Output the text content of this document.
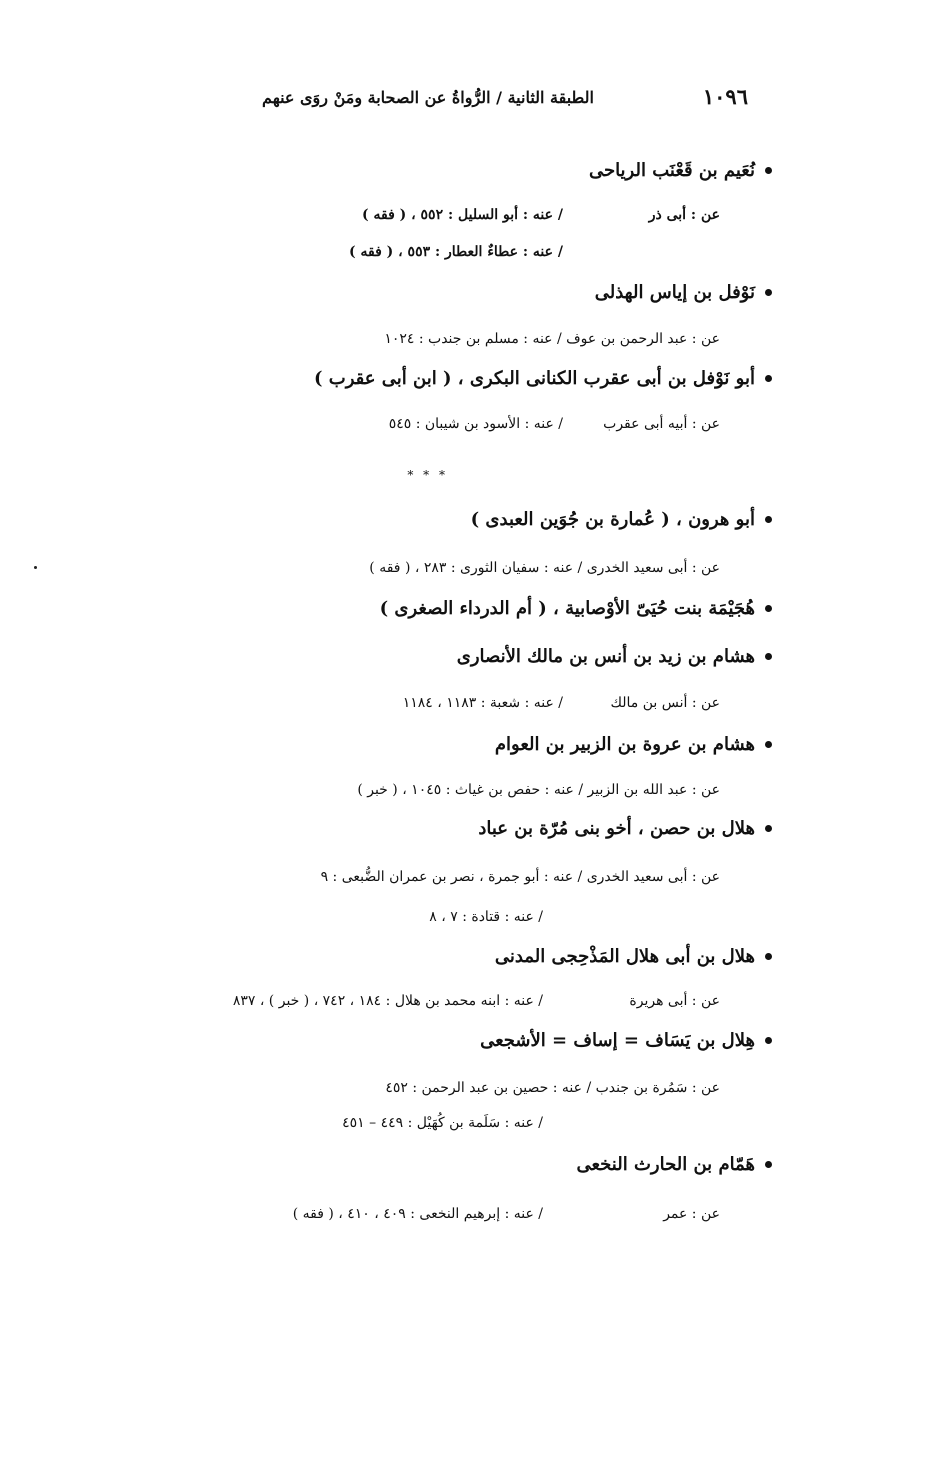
١٠٩٦
الطبقة الثانية / الرُّواةُ عن الصحابة ومَنْ روَى عنهم
نُعَيم بن قَعْنَب الرياحى
عن : أبى ذر
/ عنه : أبو السليل : ٥٥٢ ، ( فقه )
/ عنه : عطاءٌ العطار : ٥٥٣ ، ( فقه )
نَوْفل بن إياس الهذلى
عن : عبد الرحمن بن عوف / عنه : مسلم بن جندب : ١٠٢٤
أبو نَوْفل بن أبى عقرب الكنانى البكرى ، ( ابن أبى عقرب )
عن : أبيه أبى عقرب
/ عنه : الأسود بن شيبان : ٥٤٥
* * *
أبو هرون ، ( عُمارة بن جُوَين العبدى )
عن : أبى سعيد الخدرى / عنه : سفيان الثورى : ٢٨٣ ، ( فقه )
هُجَيْمَة بنت حُيَىّ الأوْصابية ، ( أم الدرداء الصغرى )
هشام بن زيد بن أنس بن مالك الأنصارى
عن : أنس بن مالك
/ عنه : شعبة : ١١٨٣ ، ١١٨٤
هشام بن عروة بن الزبير بن العوام
عن : عبد الله بن الزبير / عنه : حفص بن غياث : ١٠٤٥ ، ( خبر )
هلال بن حصن ، أخو بنى مُرّة بن عباد
عن : أبى سعيد الخدرى / عنه : أبو جمرة ، نصر بن عمران الضُّبعى : ٩
/ عنه : قتادة : ٧ ، ٨
هلال بن أبى هلال المَذْحِجى المدنى
عن : أبى هريرة
/ عنه : ابنه محمد بن هلال : ١٨٤ ، ٧٤٢ ، ( خبر ) ، ٨٣٧
هِلال بن يَسَاف = إساف = الأشجعى
عن : سَمُرة بن جندب / عنه : حصين بن عبد الرحمن : ٤٥٢
/ عنه : سَلَمة بن كُهَيْل : ٤٤٩ – ٤٥١
هَمّام بن الحارث النخعى
عن : عمر
/ عنه : إبرهيم النخعى : ٤٠٩ ، ٤١٠ ، ( فقه )
